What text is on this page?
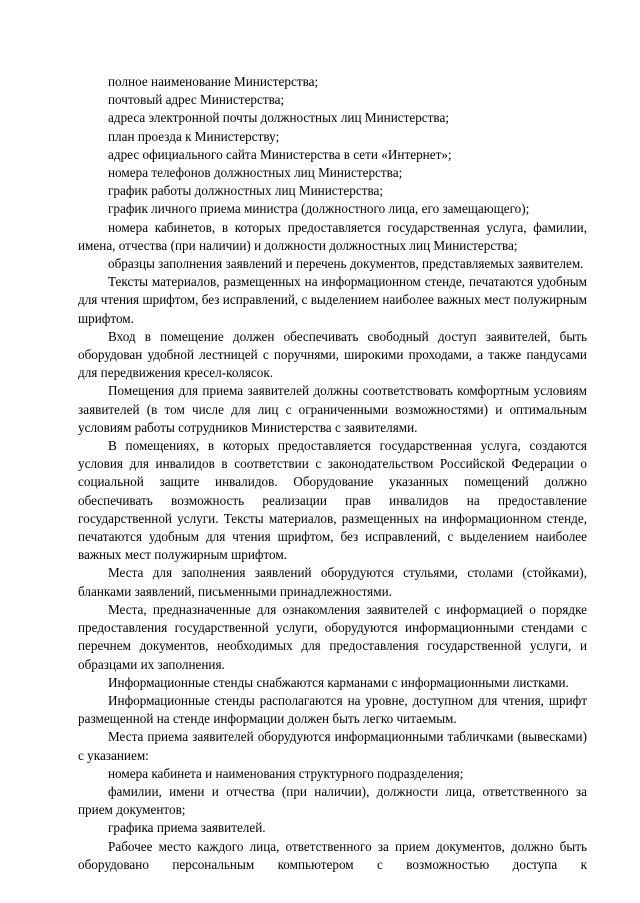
полное наименование Министерства;

почтовый адрес Министерства;

адреса электронной почты должностных лиц Министерства;

план проезда к Министерству;

адрес официального сайта Министерства в сети «Интернет»;

номера телефонов должностных лиц Министерства;

график работы должностных лиц Министерства;

график личного приема министра (должностного лица, его замещающего);

номера кабинетов, в которых предоставляется государственная услуга, фамилии, имена, отчества (при наличии) и должности должностных лиц Министерства;

образцы заполнения заявлений и перечень документов, представляемых заявителем.

Тексты материалов, размещенных на информационном стенде, печатаются удобным для чтения шрифтом, без исправлений, с выделением наиболее важных мест полужирным шрифтом.

Вход в помещение должен обеспечивать свободный доступ заявителей, быть оборудован удобной лестницей с поручнями, широкими проходами, а также пандусами для передвижения кресел-колясок.

Помещения для приема заявителей должны соответствовать комфортным условиям заявителей (в том числе для лиц с ограниченными возможностями) и оптимальным условиям работы сотрудников Министерства с заявителями.

В помещениях, в которых предоставляется государственная услуга, создаются условия для инвалидов в соответствии с законодательством Российской Федерации о социальной защите инвалидов. Оборудование указанных помещений должно обеспечивать возможность реализации прав инвалидов на предоставление государственной услуги. Тексты материалов, размещенных на информационном стенде, печатаются удобным для чтения шрифтом, без исправлений, с выделением наиболее важных мест полужирным шрифтом.

Места для заполнения заявлений оборудуются стульями, столами (стойками), бланками заявлений, письменными принадлежностями.

Места, предназначенные для ознакомления заявителей с информацией о порядке предоставления государственной услуги, оборудуются информационными стендами с перечнем документов, необходимых для предоставления государственной услуги, и образцами их заполнения.

Информационные стенды снабжаются карманами с информационными листками.

Информационные стенды располагаются на уровне, доступном для чтения, шрифт размещенной на стенде информации должен быть легко читаемым.

Места приема заявителей оборудуются информационными табличками (вывесками) с указанием:

номера кабинета и наименования структурного подразделения;

фамилии, имени и отчества (при наличии), должности лица, ответственного за прием документов;

графика приема заявителей.

Рабочее место каждого лица, ответственного за прием документов, должно быть оборудовано персональным компьютером с возможностью доступа к
